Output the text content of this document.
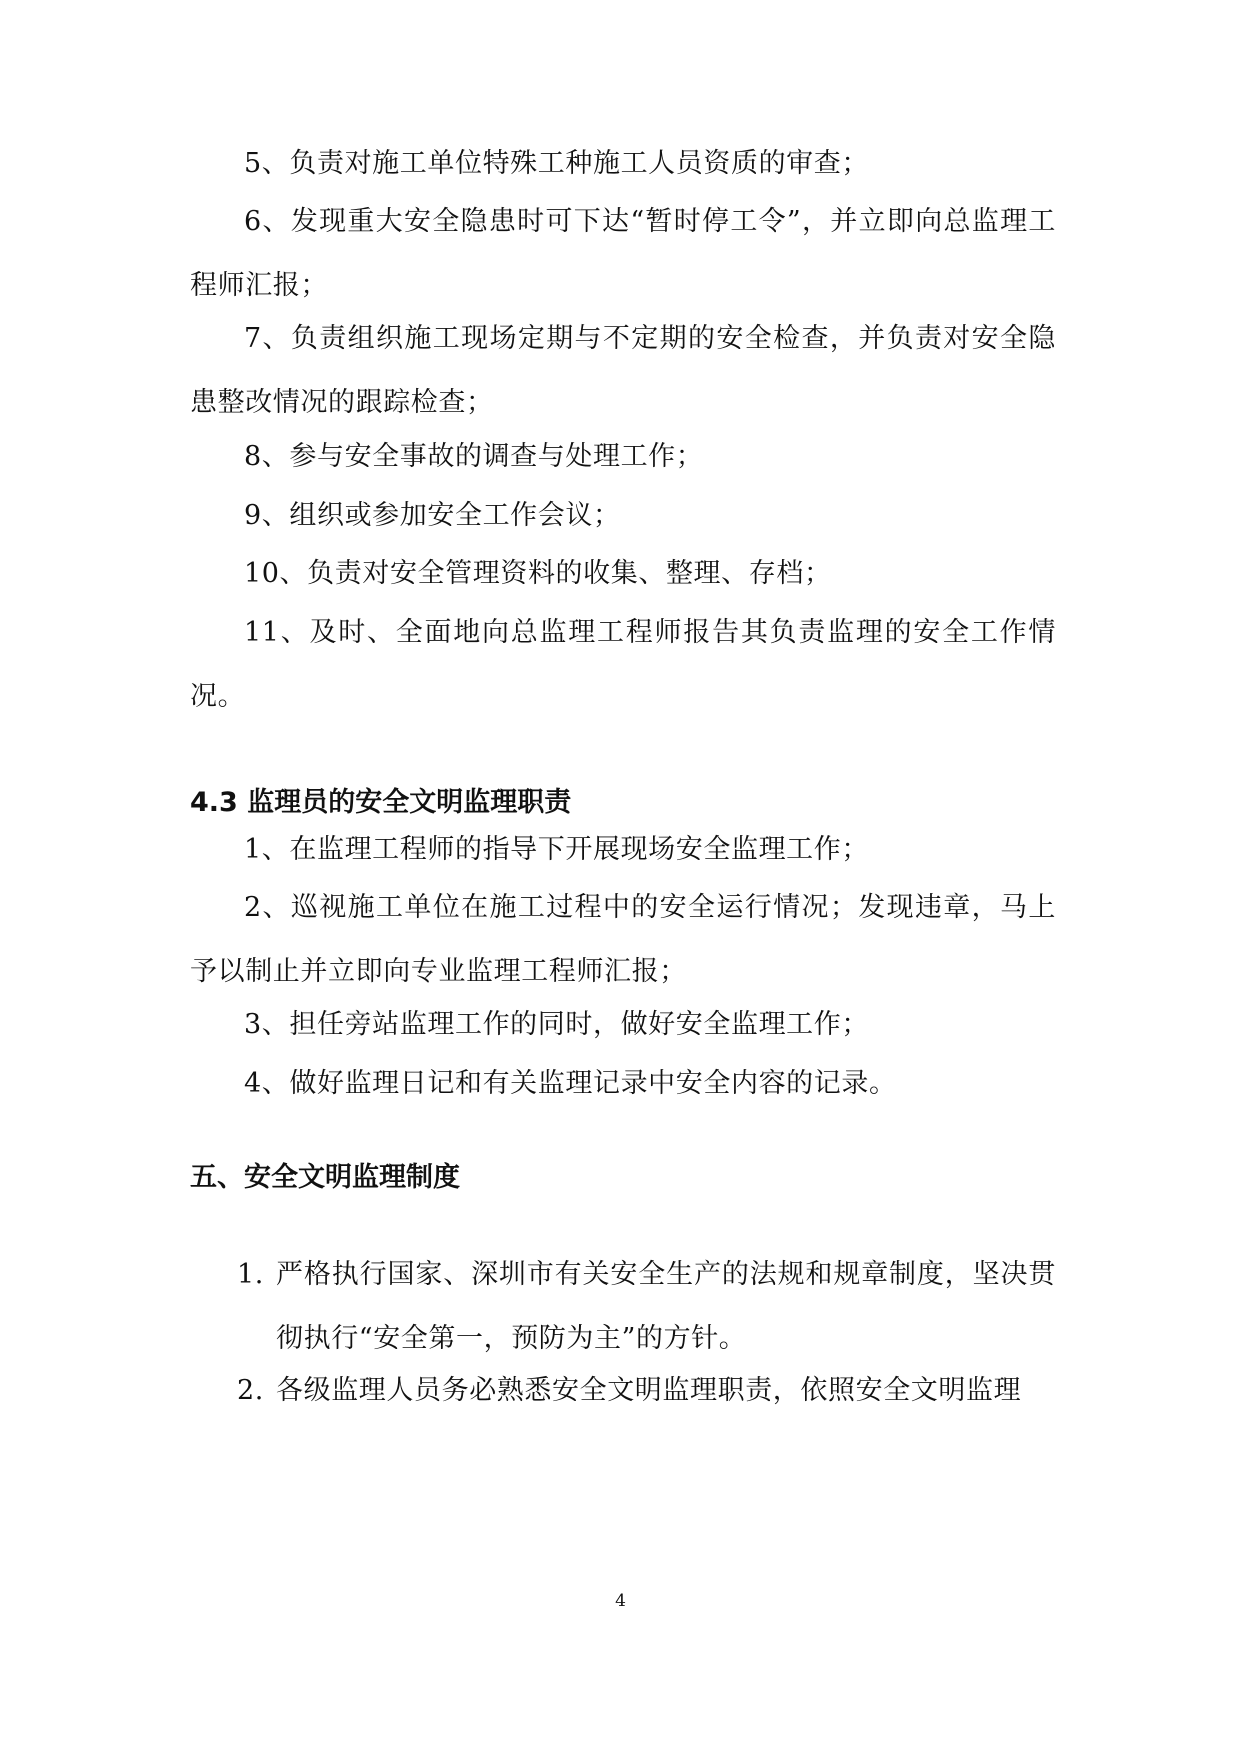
5、负责对施工单位特殊工种施工人员资质的审查；

6、发现重大安全隐患时可下达“暂时停工令”，并立即向总监理工程师汇报；

7、负责组织施工现场定期与不定期的安全检查，并负责对安全隐患整改情况的跟踪检查；

8、参与安全事故的调查与处理工作；

9、组织或参加安全工作会议；

10、负责对安全管理资料的收集、整理、存档；

11、及时、全面地向总监理工程师报告其负责监理的安全工作情况。

4.3 监理员的安全文明监理职责

1、在监理工程师的指导下开展现场安全监理工作；

2、巡视施工单位在施工过程中的安全运行情况；发现违章，马上予以制止并立即向专业监理工程师汇报；

3、担任旁站监理工作的同时，做好安全监理工作；

4、做好监理日记和有关监理记录中安全内容的记录。

五、安全文明监理制度
1. 严格执行国家、深圳市有关安全生产的法规和规章制度，坚决贯彻执行“安全第一，预防为主”的方针。
2. 各级监理人员务必熟悉安全文明监理职责，依照安全文明监理
4
